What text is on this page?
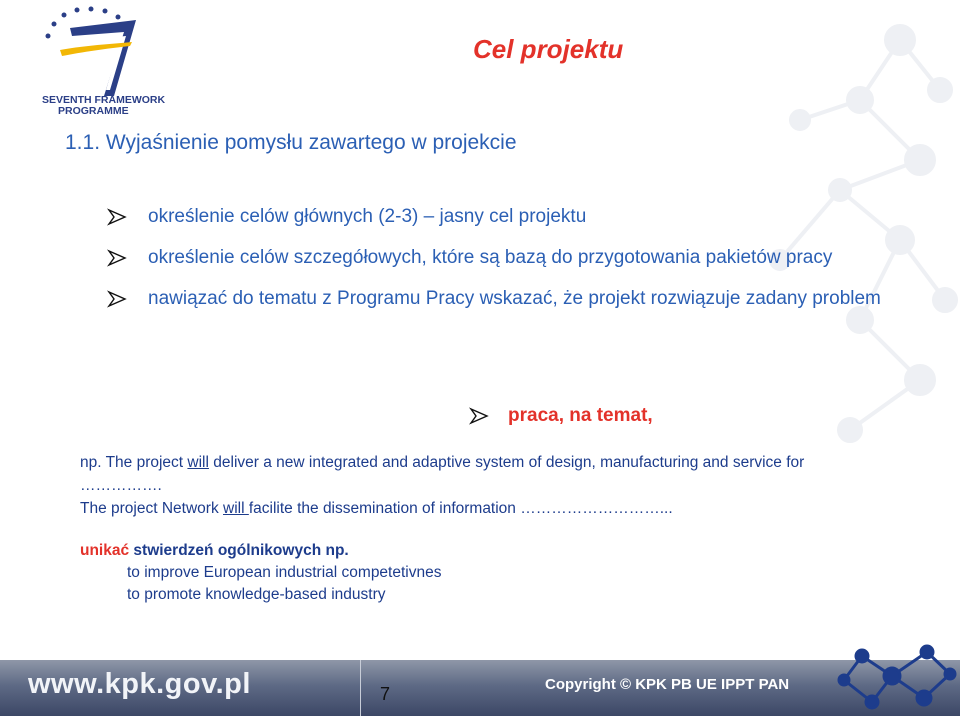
SEVENTH FRAMEWORK
PROGRAMME
Cel projektu
1.1. Wyjaśnienie pomysłu zawartego w projekcie
określenie celów głównych (2-3) – jasny cel projektu
określenie celów szczegółowych, które są bazą do przygotowania pakietów pracy
nawiązać do tematu z Programu Pracy wskazać, że projekt rozwiązuje zadany problem
praca, na temat,

np. The project will deliver a new integrated and adaptive system of design, manufacturing and service for …………….

The project Network will facilite the dissemination of information ………………………...

unikać stwierdzeń ogólnikowych np.
to improve European industrial competetivnes
to promote knowledge-based industry

www.kpk.gov.pl	7	Copyright © KPK PB UE IPPT PAN
